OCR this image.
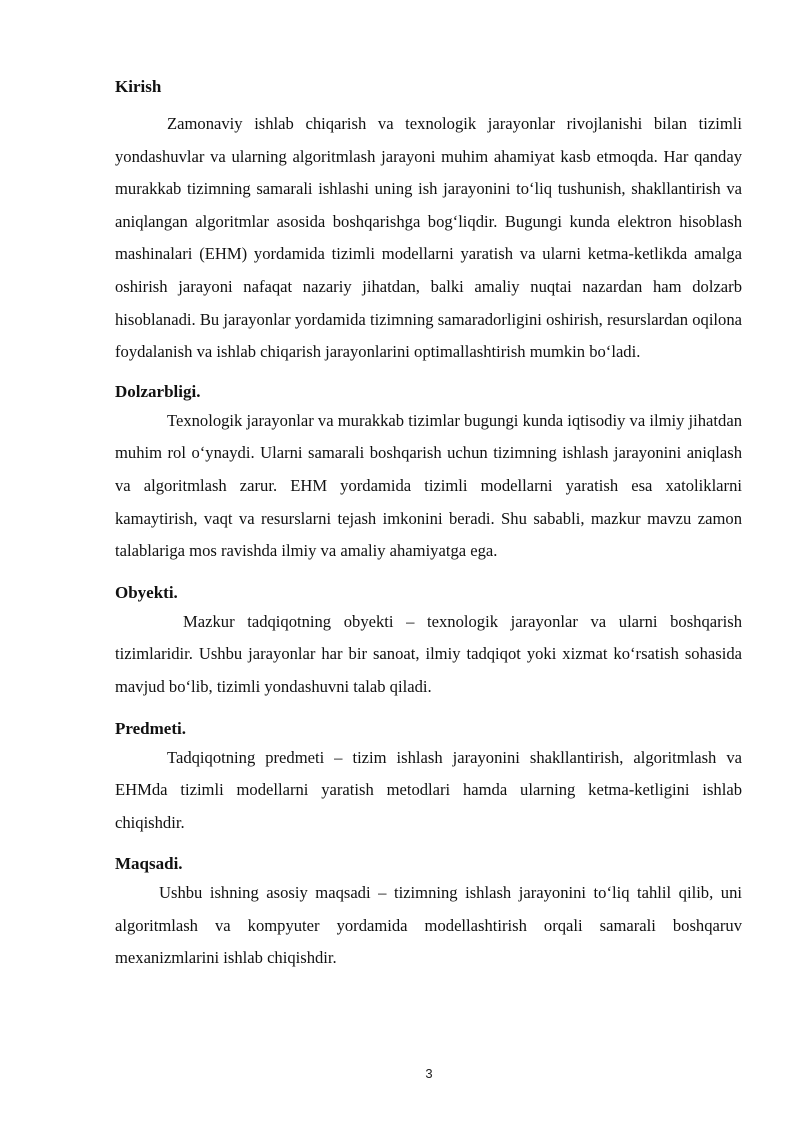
Kirish

Zamonaviy ishlab chiqarish va texnologik jarayonlar rivojlanishi bilan tizimli yondashuvlar va ularning algoritmlash jarayoni muhim ahamiyat kasb etmoqda. Har qanday murakkab tizimning samarali ishlashi uning ish jarayonini to‘liq tushunish, shakllantirish va aniqlangan algoritmlar asosida boshqarishga bog‘liqdir. Bugungi kunda elektron hisoblash mashinalari (EHM) yordamida tizimli modellarni yaratish va ularni ketma-ketlikda amalga oshirish jarayoni nafaqat nazariy jihatdan, balki amaliy nuqtai nazardan ham dolzarb hisoblanadi. Bu jarayonlar yordamida tizimning samaradorligini oshirish, resurslardan oqilona foydalanish va ishlab chiqarish jarayonlarini optimallashtirish mumkin bo‘ladi.

Dolzarbligi.

Texnologik jarayonlar va murakkab tizimlar bugungi kunda iqtisodiy va ilmiy jihatdan muhim rol o‘ynaydi. Ularni samarali boshqarish uchun tizimning ishlash jarayonini aniqlash va algoritmlash zarur. EHM yordamida tizimli modellarni yaratish esa xatoliklarni kamaytirish, vaqt va resurslarni tejash imkonini beradi. Shu sababli, mazkur mavzu zamon talablariga mos ravishda ilmiy va amaliy ahamiyatga ega.

Obyekti.

Mazkur tadqiqotning obyekti – texnologik jarayonlar va ularni boshqarish tizimlaridir. Ushbu jarayonlar har bir sanoat, ilmiy tadqiqot yoki xizmat ko‘rsatish sohasida mavjud bo‘lib, tizimli yondashuvni talab qiladi.

Predmeti.

Tadqiqotning predmeti – tizim ishlash jarayonini shakllantirish, algoritmlash va EHMda tizimli modellarni yaratish metodlari hamda ularning ketma-ketligini ishlab chiqishdir.

Maqsadi.

Ushbu ishning asosiy maqsadi – tizimning ishlash jarayonini to‘liq tahlil qilib, uni algoritmlash va kompyuter yordamida modellashtirish orqali samarali boshqaruv mexanizmlarini ishlab chiqishdir.

3
